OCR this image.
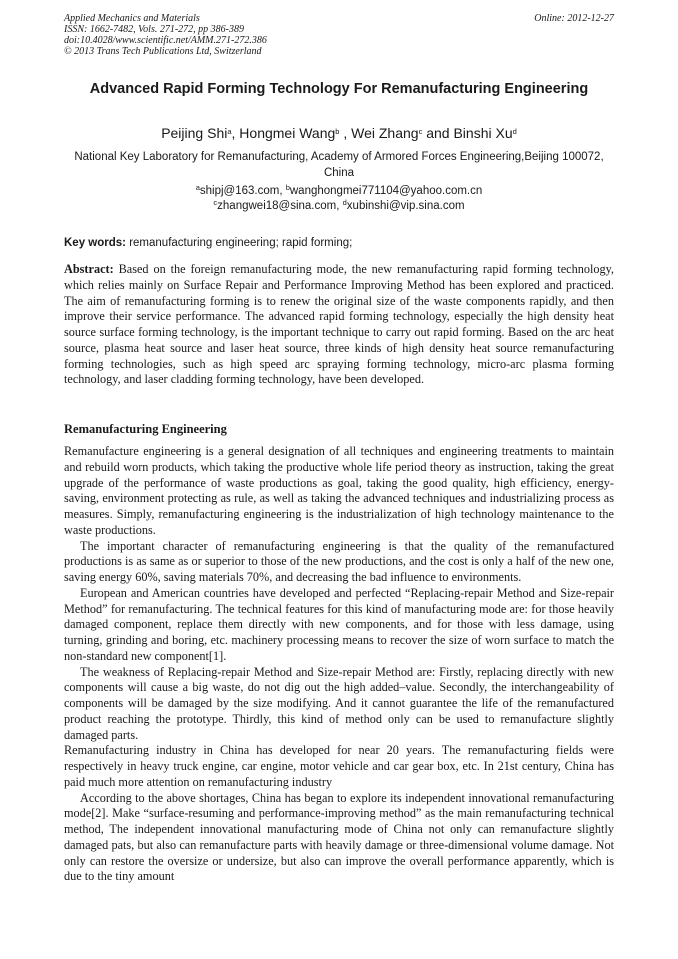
Applied Mechanics and Materials
ISSN: 1662-7482, Vols. 271-272, pp 386-389
doi:10.4028/www.scientific.net/AMM.271-272.386
© 2013 Trans Tech Publications Ltd, Switzerland
Online: 2012-12-27
Advanced Rapid Forming Technology For Remanufacturing Engineering
Peijing Shi$^a$, Hongmei Wang$^b$ , Wei Zhang$^c$ and Binshi Xu$^d$
National Key Laboratory for Remanufacturing, Academy of Armored Forces Engineering,Beijing 100072, China
$^a$shipj@163.com, $^b$wanghongmei771104@yahoo.com.cn
$^c$zhangwei18@sina.com, $^d$xubinshi@vip.sina.com
Key words: remanufacturing engineering; rapid forming;
Abstract: Based on the foreign remanufacturing mode, the new remanufacturing rapid forming technology, which relies mainly on Surface Repair and Performance Improving Method has been explored and practiced. The aim of remanufacturing forming is to renew the original size of the waste components rapidly, and then improve their service performance. The advanced rapid forming technology, especially the high density heat source surface forming technology, is the important technique to carry out rapid forming. Based on the arc heat source, plasma heat source and laser heat source, three kinds of high density heat source remanufacturing forming technologies, such as high speed arc spraying forming technology, micro-arc plasma forming technology, and laser cladding forming technology, have been developed.
Remanufacturing Engineering

Remanufacture engineering is a general designation of all techniques and engineering treatments to maintain and rebuild worn products, which taking the productive whole life period theory as instruction, taking the great upgrade of the performance of waste productions as goal, taking the good quality, high efficiency, energy-saving, environment protecting as rule, as well as taking the advanced techniques and industrializing process as measures. Simply, remanufacturing engineering is the industrialization of high technology maintenance to the waste productions.

The important character of remanufacturing engineering is that the quality of the remanufactured productions is as same as or superior to those of the new productions, and the cost is only a half of the new one, saving energy 60%, saving materials 70%, and decreasing the bad influence to environments.

European and American countries have developed and perfected “Replacing-repair Method and Size-repair Method” for remanufacturing. The technical features for this kind of manufacturing mode are: for those heavily damaged component, replace them directly with new components, and for those with less damage, using turning, grinding and boring, etc. machinery processing means to recover the size of worn surface to match the non-standard new component[1].

The weakness of Replacing-repair Method and Size-repair Method are: Firstly, replacing directly with new components will cause a big waste, do not dig out the high added–value. Secondly, the interchangeability of components will be damaged by the size modifying. And it cannot guarantee the life of the remanufactured product reaching the prototype. Thirdly, this kind of method only can be used to remanufacture slightly damaged parts.

Remanufacturing industry in China has developed for near 20 years. The remanufacturing fields were respectively in heavy truck engine, car engine, motor vehicle and car gear box, etc. In 21st century, China has paid much more attention on remanufacturing industry

According to the above shortages, China has began to explore its independent innovational remanufacturing mode[2]. Make “surface-resuming and performance-improving method” as the main remanufacturing technical method, The independent innovational manufacturing mode of China not only can remanufacture slightly damaged pats, but also can remanufacture parts with heavily damage or three-dimensional volume damage. Not only can restore the oversize or undersize, but also can improve the overall performance apparently, which is due to the tiny amount
